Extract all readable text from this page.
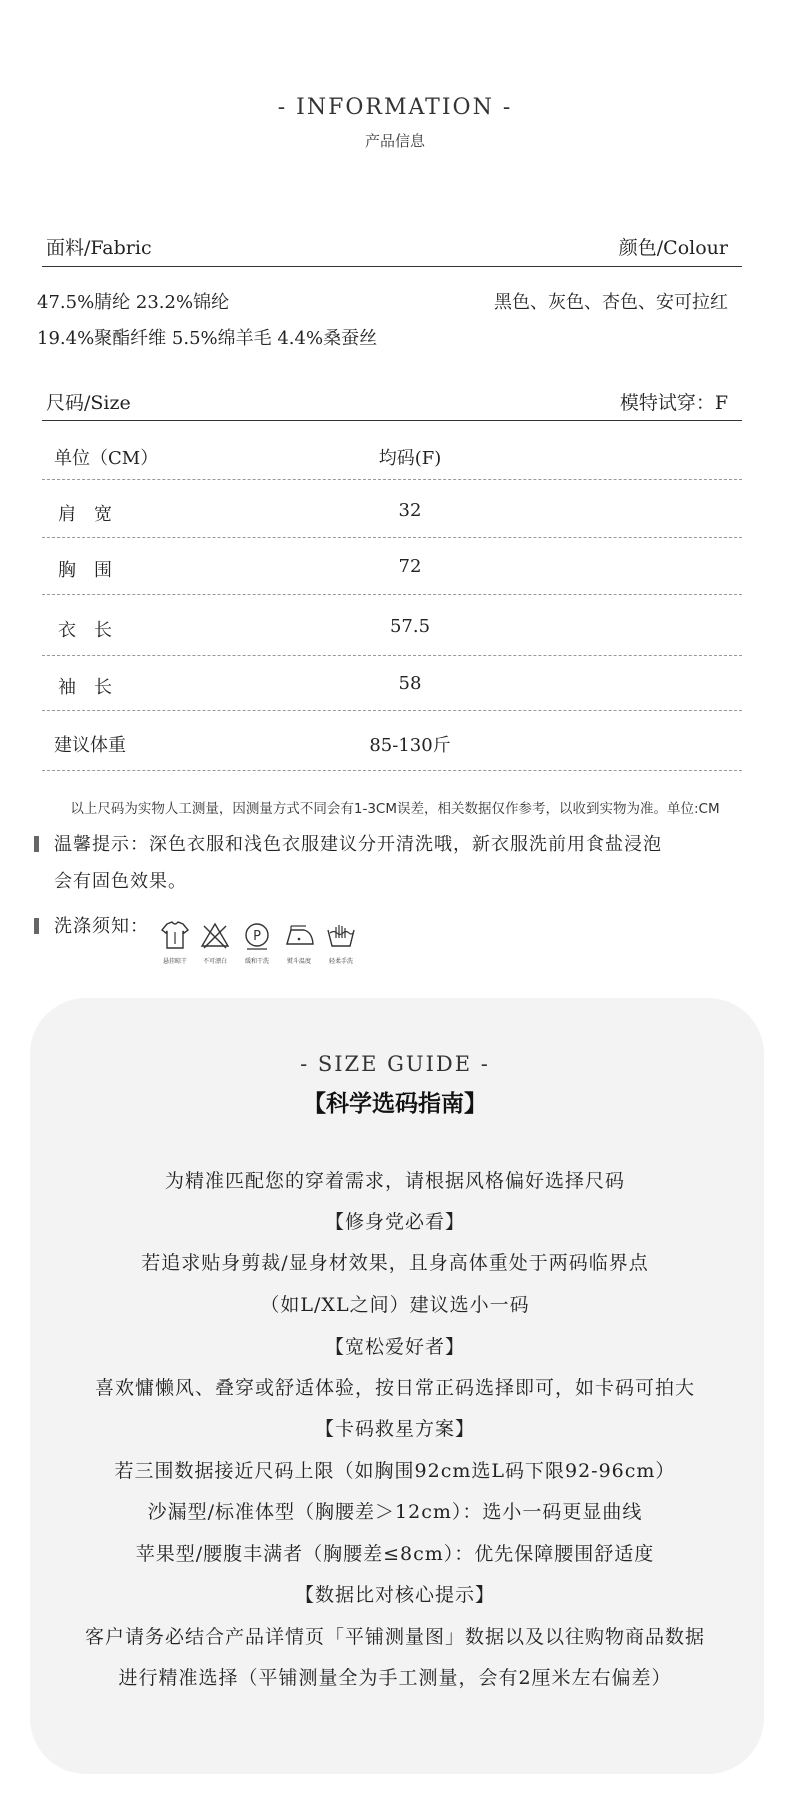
- INFORMATION -
产品信息
面料/Fabric	颜色/Colour
47.5%腈纶 23.2%锦纶	黑色、灰色、杏色、安可拉红
19.4%聚酯纤维 5.5%绵羊毛 4.4%桑蚕丝
尺码/Size	模特试穿：F
单位（CM）	均码(F)
肩　宽	32
胸　围	72
衣　长	57.5
袖　长	58
建议体重	85-130斤
以上尺码为实物人工测量，因测量方式不同会有1-3CM误差，相关数据仅作参考，以收到实物为准。单位:CM
温馨提示：深色衣服和浅色衣服建议分开清洗哦，新衣服洗前用食盐浸泡
会有固色效果。
洗涤须知：
悬挂晾干	不可漂白
P
缓和干洗	熨斗温度	轻柔手洗
- SIZE GUIDE -
【科学选码指南】
为精准匹配您的穿着需求，请根据风格偏好选择尺码
【修身党必看】
若追求贴身剪裁/显身材效果，且身高体重处于两码临界点
（如L/XL之间）建议选小一码
【宽松爱好者】
喜欢慵懒风、叠穿或舒适体验，按日常正码选择即可，如卡码可拍大
【卡码救星方案】
若三围数据接近尺码上限（如胸围92cm选L码下限92-96cm）
沙漏型/标准体型（胸腰差＞12cm）：选小一码更显曲线
苹果型/腰腹丰满者（胸腰差≤8cm）：优先保障腰围舒适度
【数据比对核心提示】
客户请务必结合产品详情页「平铺测量图」数据以及以往购物商品数据
进行精准选择（平铺测量全为手工测量，会有2厘米左右偏差）
